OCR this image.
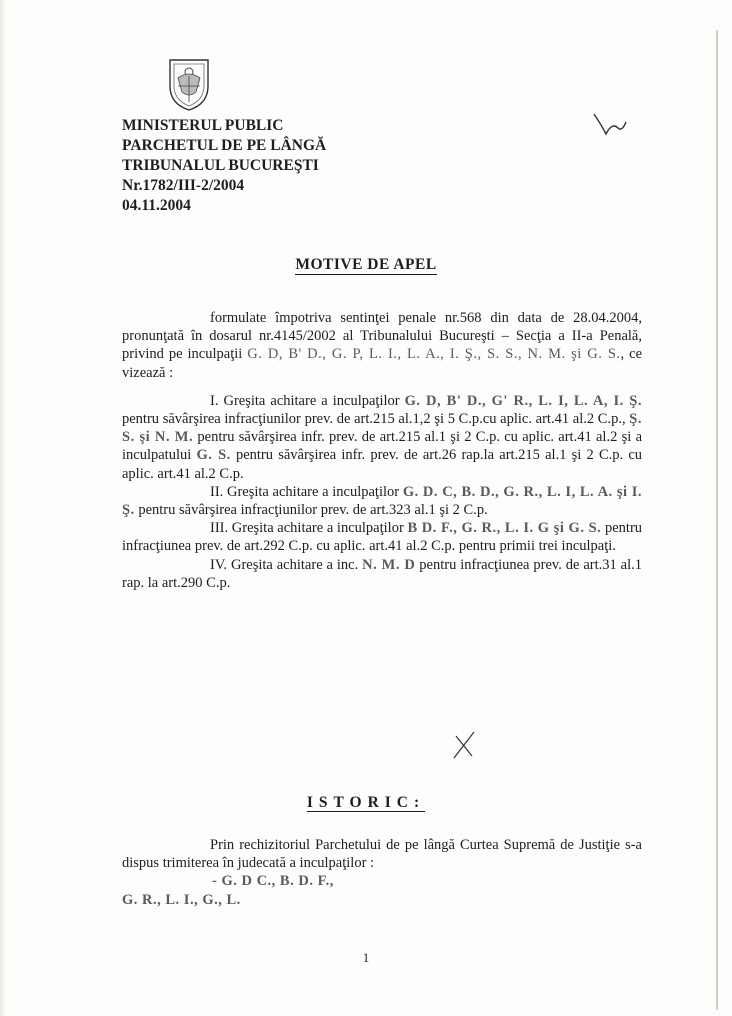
MINISTERUL PUBLIC
PARCHETUL DE PE LÂNGĂ
TRIBUNALUL BUCUREŞTI
Nr.1782/III-2/2004
04.11.2004
MOTIVE DE APEL

formulate împotriva sentinţei penale nr.568 din data de 28.04.2004, pronunţată în dosarul nr.4145/2002 al Tribunalului Bucureşti – Secţia a II-a Penală, privind pe inculpaţii G. D, B' D., G. P, L. I., L. A., I. Ş., S. S., N. M. şi G. S., ce vizează :

I. Greşita achitare a inculpaţilor G. D, B' D., G' R., L. I, L. A, I. Ş. pentru săvârşirea infracţiunilor prev. de art.215 al.1,2 şi 5 C.p.cu aplic. art.41 al.2 C.p., Ş. S. şi N. M. pentru săvârşirea infr. prev. de art.215 al.1 şi 2 C.p. cu aplic. art.41 al.2 şi a inculpatului G. S. pentru săvârşirea infr. prev. de art.26 rap.la art.215 al.1 şi 2 C.p. cu aplic. art.41 al.2 C.p.

II. Greşita achitare a inculpaţilor G. D. C, B. D., G. R., L. I, L. A. şi I. Ş. pentru săvârşirea infracţiunilor prev. de art.323 al.1 şi 2 C.p.

III. Greşita achitare a inculpaţilor B D. F., G. R., L. I. G şi G. S. pentru infracţiunea prev. de art.292 C.p. cu aplic. art.41 al.2 C.p. pentru primii trei inculpaţi.

IV. Greşita achitare a inc. N. M. D pentru infracţiunea prev. de art.31 al.1 rap. la art.290 C.p.

ISTORIC:

Prin rechizitoriul Parchetului de pe lângă Curtea Supremă de Justiţie s-a dispus trimiterea în judecată a inculpaţilor :

- G. D C., B. D. F.,

G. R., L. I., G., L.

1
